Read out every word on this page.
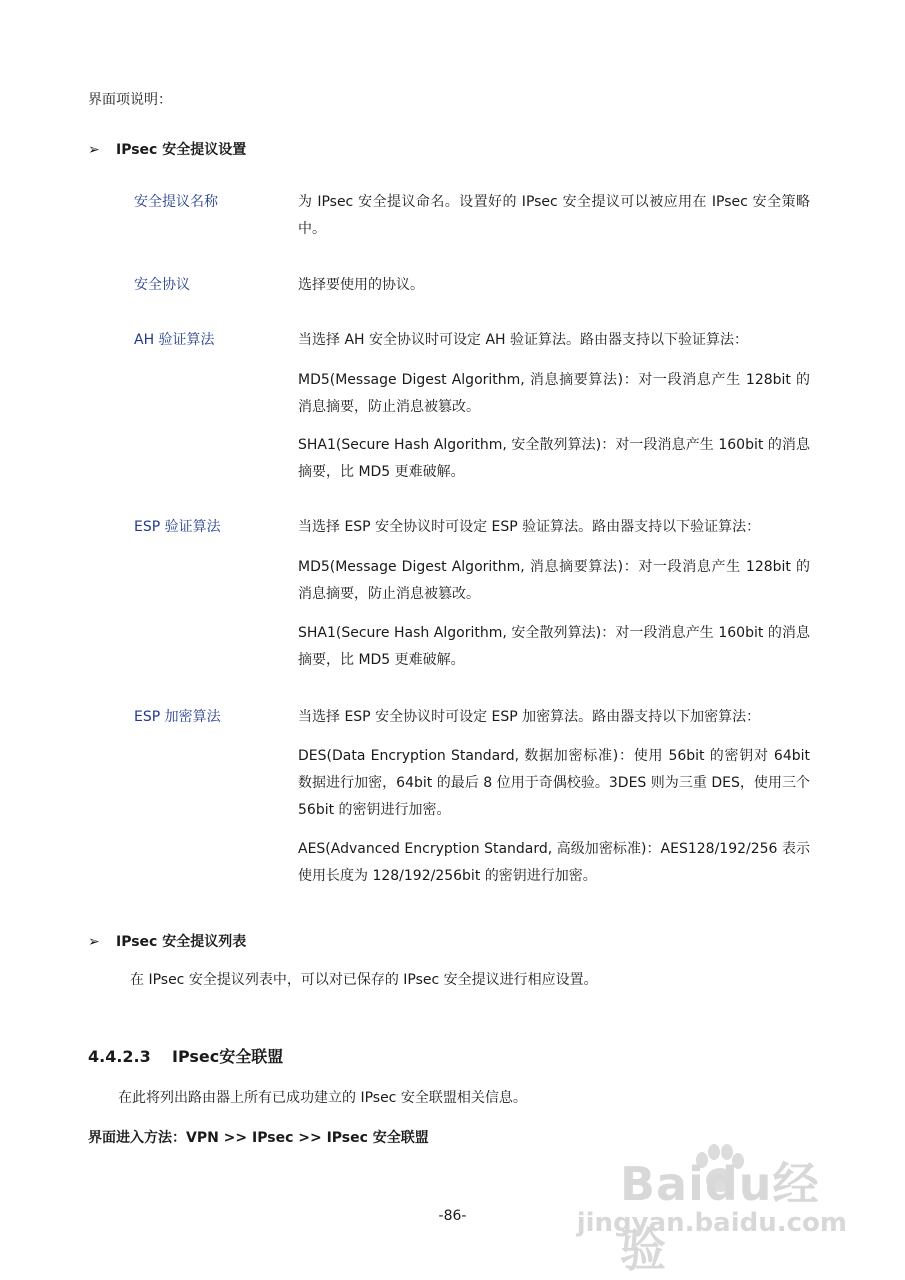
界面项说明：
➢ IPsec 安全提议设置
安全提议名称	为 IPsec 安全提议命名。设置好的 IPsec 安全提议可以被应用在 IPsec 安全策略中。
安全协议	选择要使用的协议。
AH 验证算法	当选择 AH 安全协议时可设定 AH 验证算法。路由器支持以下验证算法：
MD5(Message Digest Algorithm, 消息摘要算法)：对一段消息产生 128bit 的消息摘要，防止消息被篡改。
SHA1(Secure Hash Algorithm, 安全散列算法)：对一段消息产生 160bit 的消息摘要，比 MD5 更难破解。
ESP 验证算法	当选择 ESP 安全协议时可设定 ESP 验证算法。路由器支持以下验证算法：
MD5(Message Digest Algorithm, 消息摘要算法)：对一段消息产生 128bit 的消息摘要，防止消息被篡改。
SHA1(Secure Hash Algorithm, 安全散列算法)：对一段消息产生 160bit 的消息摘要，比 MD5 更难破解。
ESP 加密算法	当选择 ESP 安全协议时可设定 ESP 加密算法。路由器支持以下加密算法：
DES(Data Encryption Standard, 数据加密标准)：使用 56bit 的密钥对 64bit 数据进行加密，64bit 的最后 8 位用于奇偶校验。3DES 则为三重 DES，使用三个 56bit 的密钥进行加密。
AES(Advanced Encryption Standard, 高级加密标准)：AES128/192/256 表示使用长度为 128/192/256bit 的密钥进行加密。
➢ IPsec 安全提议列表
在 IPsec 安全提议列表中，可以对已保存的 IPsec 安全提议进行相应设置。
4.4.2.3 IPsec安全联盟
在此将列出路由器上所有已成功建立的 IPsec 安全联盟相关信息。
界面进入方法：VPN >> IPsec >> IPsec 安全联盟
-86-
Baidu经验
jingyan.baidu.com
